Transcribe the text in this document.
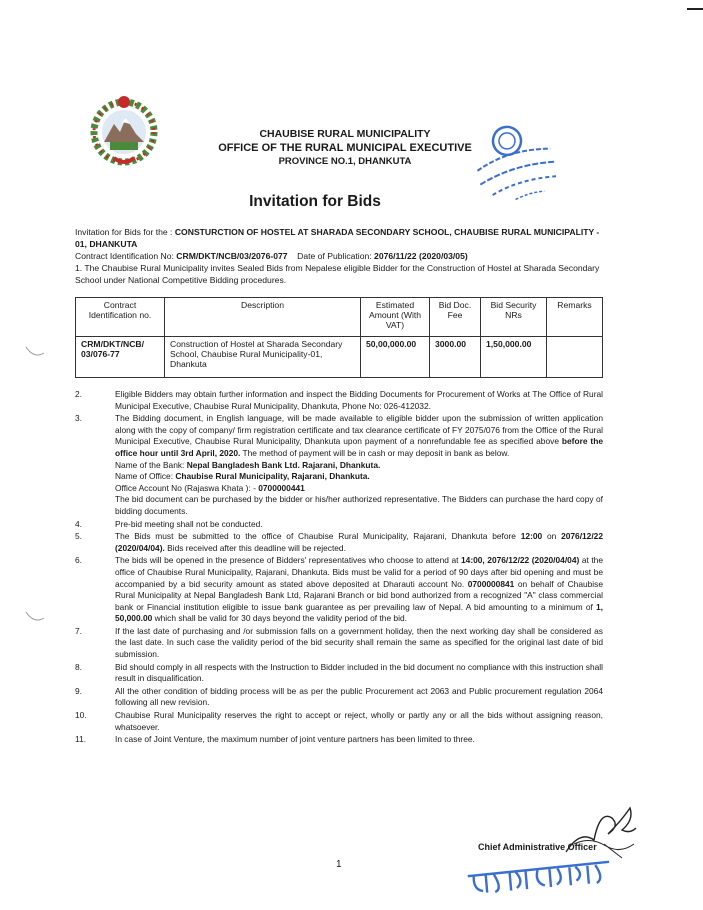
CHAUBISE RURAL MUNICIPALITY
OFFICE OF THE RURAL MUNICIPAL EXECUTIVE
PROVINCE NO.1, DHANKUTA
Invitation for Bids

Invitation for Bids for the : CONSTURCTION OF HOSTEL AT SHARADA SECONDARY SCHOOL, CHAUBISE RURAL MUNICIPALITY - 01, DHANKUTA

Contract Identification No: CRM/DKT/NCB/03/2076-077 Date of Publication: 2076/11/22 (2020/03/05)

1. The Chaubise Rural Municipality invites Sealed Bids from Nepalese eligible Bidder for the Construction of Hostel at Sharada Secondary School under National Competitive Bidding procedures.

Contract Identification no.	Description	Estimated Amount (With VAT)	Bid Doc. Fee	Bid Security NRs	Remarks
CRM/DKT/NCB/ 03/076-77	Construction of Hostel at Sharada Secondary School, Chaubise Rural Municipality-01, Dhankuta	50,00,000.00	3000.00	1,50,000.00	
2.	Eligible Bidders may obtain further information and inspect the Bidding Documents for Procurement of Works at The Office of Rural Municipal Executive, Chaubise Rural Municipality, Dhankuta, Phone No: 026-412032.
3.	The Bidding document, in English language, will be made available to eligible bidder upon the submission of written application along with the copy of company/ firm registration certificate and tax clearance certificate of FY 2075/076 from the Office of the Rural Municipal Executive, Chaubise Rural Municipality, Dhankuta upon payment of a nonrefundable fee as specified above before the office hour until 3rd April, 2020. The method of payment will be in cash or may deposit in bank as below.
Name of the Bank: Nepal Bangladesh Bank Ltd. Rajarani, Dhankuta.
Name of Office: Chaubise Rural Municipality, Rajarani, Dhankuta.
Office Account No (Rajaswa Khata ): - 0700000441
The bid document can be purchased by the bidder or his/her authorized representative. The Bidders can purchase the hard copy of bidding documents.
4.	Pre-bid meeting shall not be conducted.
5.	The Bids must be submitted to the office of Chaubise Rural Municipality, Rajarani, Dhankuta before 12:00 on 2076/12/22 (2020/04/04). Bids received after this deadline will be rejected.
6.	The bids will be opened in the presence of Bidders' representatives who choose to attend at 14:00, 2076/12/22 (2020/04/04) at the office of Chaubise Rural Municipality, Rajarani, Dhankuta. Bids must be valid for a period of 90 days after bid opening and must be accompanied by a bid security amount as stated above deposited at Dharauti account No. 0700000841 on behalf of Chaubise Rural Municipality at Nepal Bangladesh Bank Ltd, Rajarani Branch or bid bond authorized from a recognized "A" class commercial bank or Financial institution eligible to issue bank guarantee as per prevailing law of Nepal. A bid amounting to a minimum of 1, 50,000.00 which shall be valid for 30 days beyond the validity period of the bid.
7.	If the last date of purchasing and /or submission falls on a government holiday, then the next working day shall be considered as the last date. In such case the validity period of the bid security shall remain the same as specified for the original last date of bid submission.
8.	Bid should comply in all respects with the Instruction to Bidder included in the bid document no compliance with this instruction shall result in disqualification.
9.	All the other condition of bidding process will be as per the public Procurement act 2063 and Public procurement regulation 2064 following all new revision.
10.	Chaubise Rural Municipality reserves the right to accept or reject, wholly or partly any or all the bids without assigning reason, whatsoever.
11.	In case of Joint Venture, the maximum number of joint venture partners has been limited to three.
Chief Administrative Officer
1
